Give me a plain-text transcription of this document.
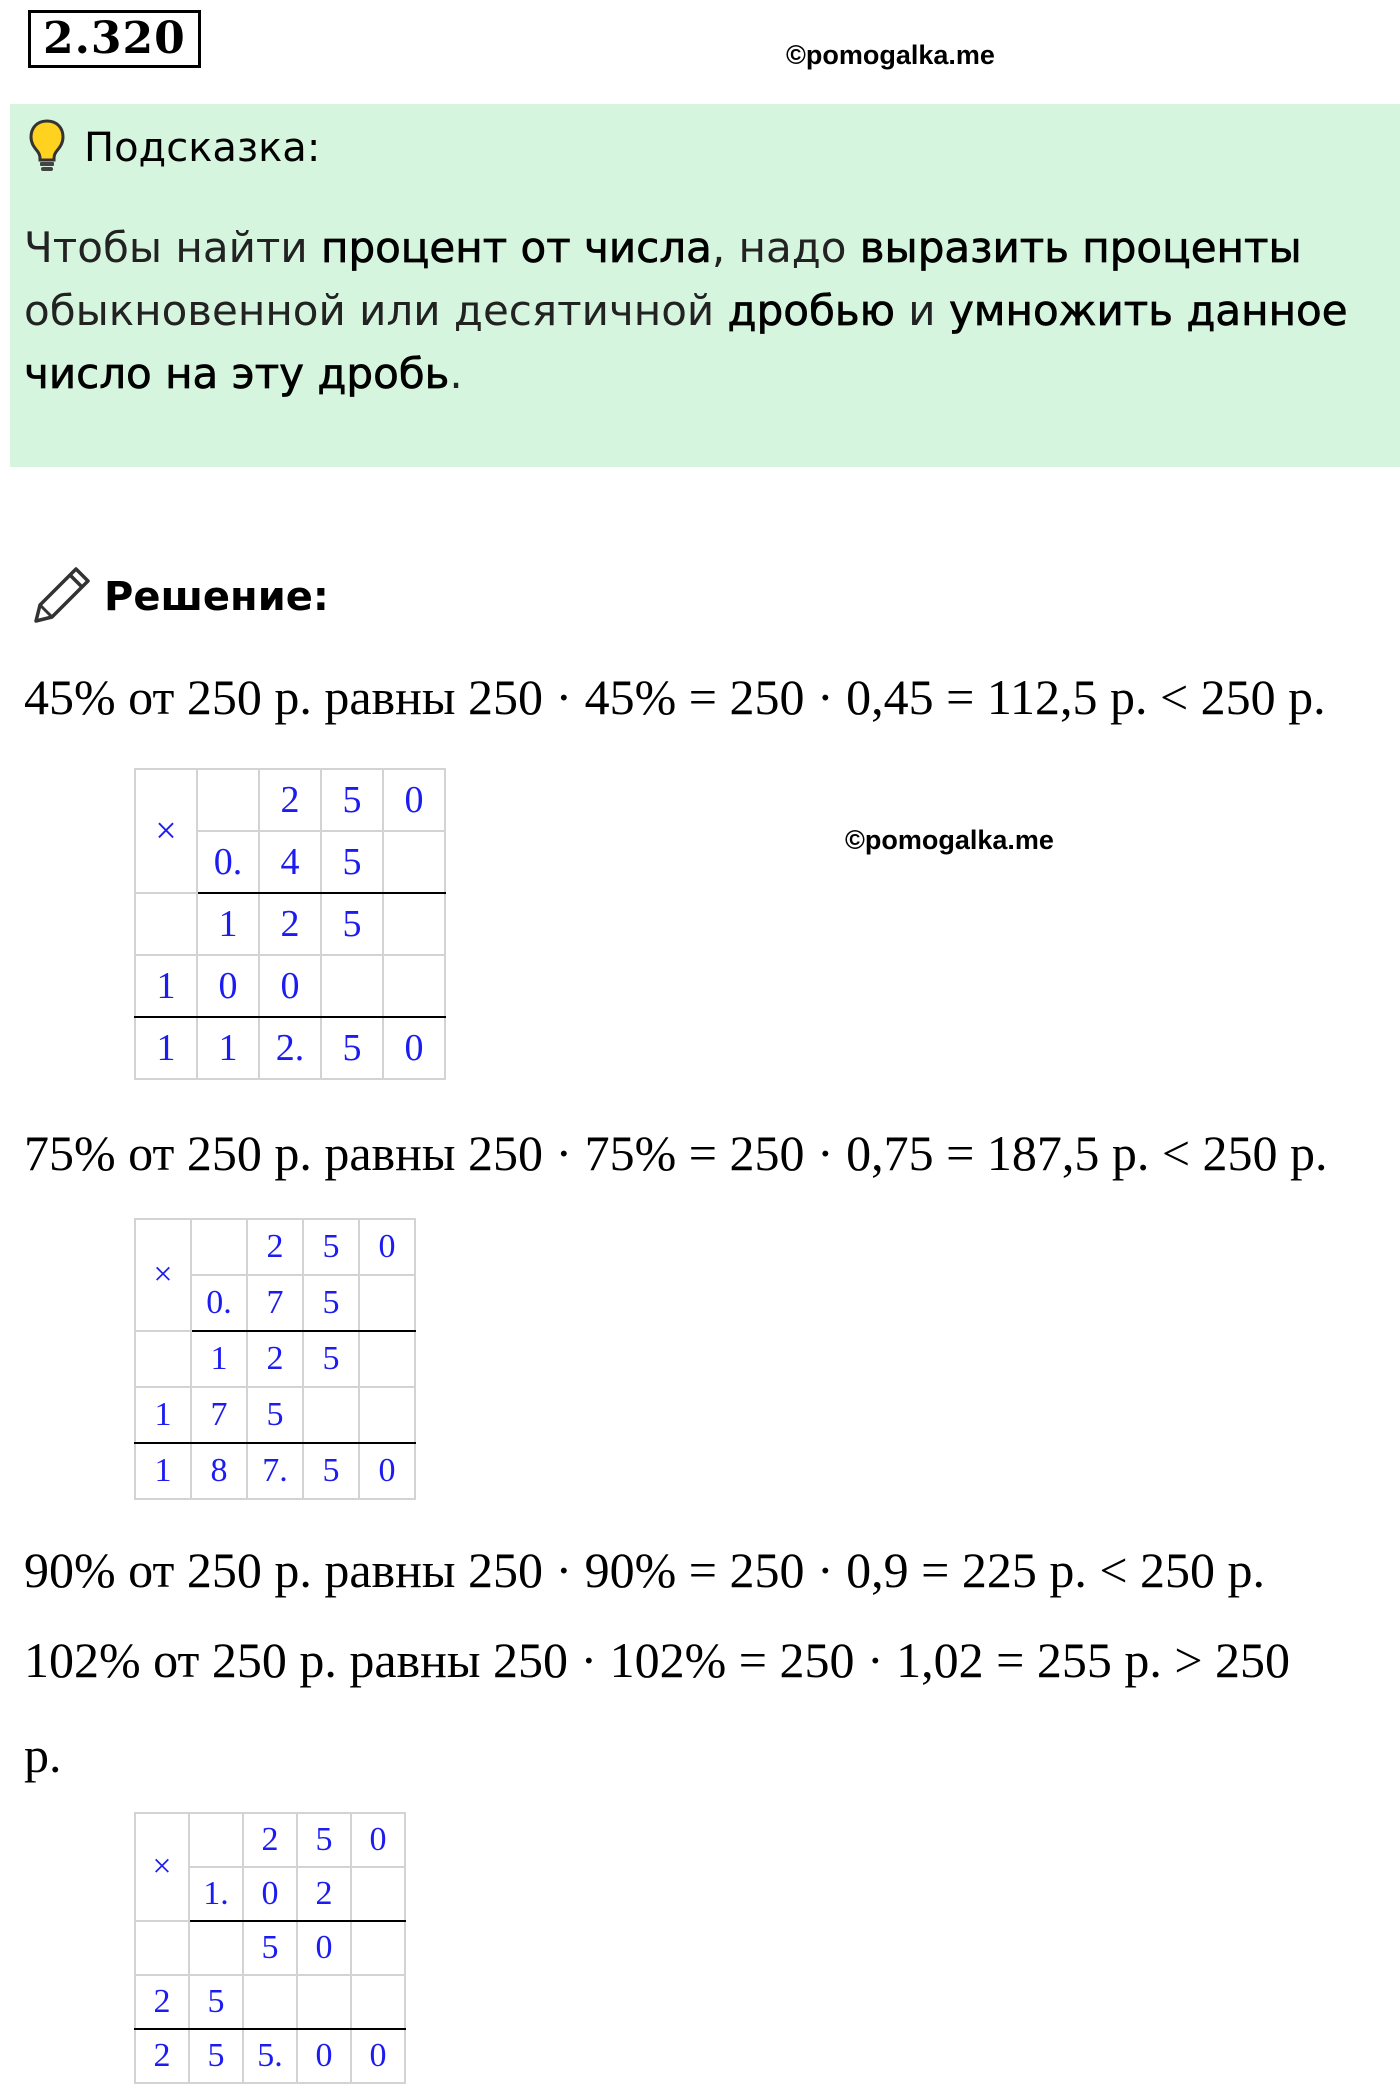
2.320	©pomogalka.me
Подсказка:
Чтобы найти процент от числа, надо выразить проценты обыкновенной или десятичной дробью и умножить данное число на эту дробь.
Решение:
45% от 250 р. равны 250 · 45% = 250 · 0,45 = 112,5 р. < 250 р.
×		2	5	0
	0.	4	5	
	1	2	5	
1	0	0		
1	1	2.	5	0
©pomogalka.me
75% от 250 р. равны 250 · 75% = 250 · 0,75 = 187,5 р. < 250 р.
×		2	5	0
	0.	7	5	
	1	2	5	
1	7	5		
1	8	7.	5	0
90% от 250 р. равны 250 · 90% = 250 · 0,9 = 225 р. < 250 р.
102% от 250 р. равны 250 · 102% = 250 · 1,02 = 255 р. > 250
р.
×		2	5	0
	1.	0	2	
		5	0	
2	5			
2	5	5.	0	0
